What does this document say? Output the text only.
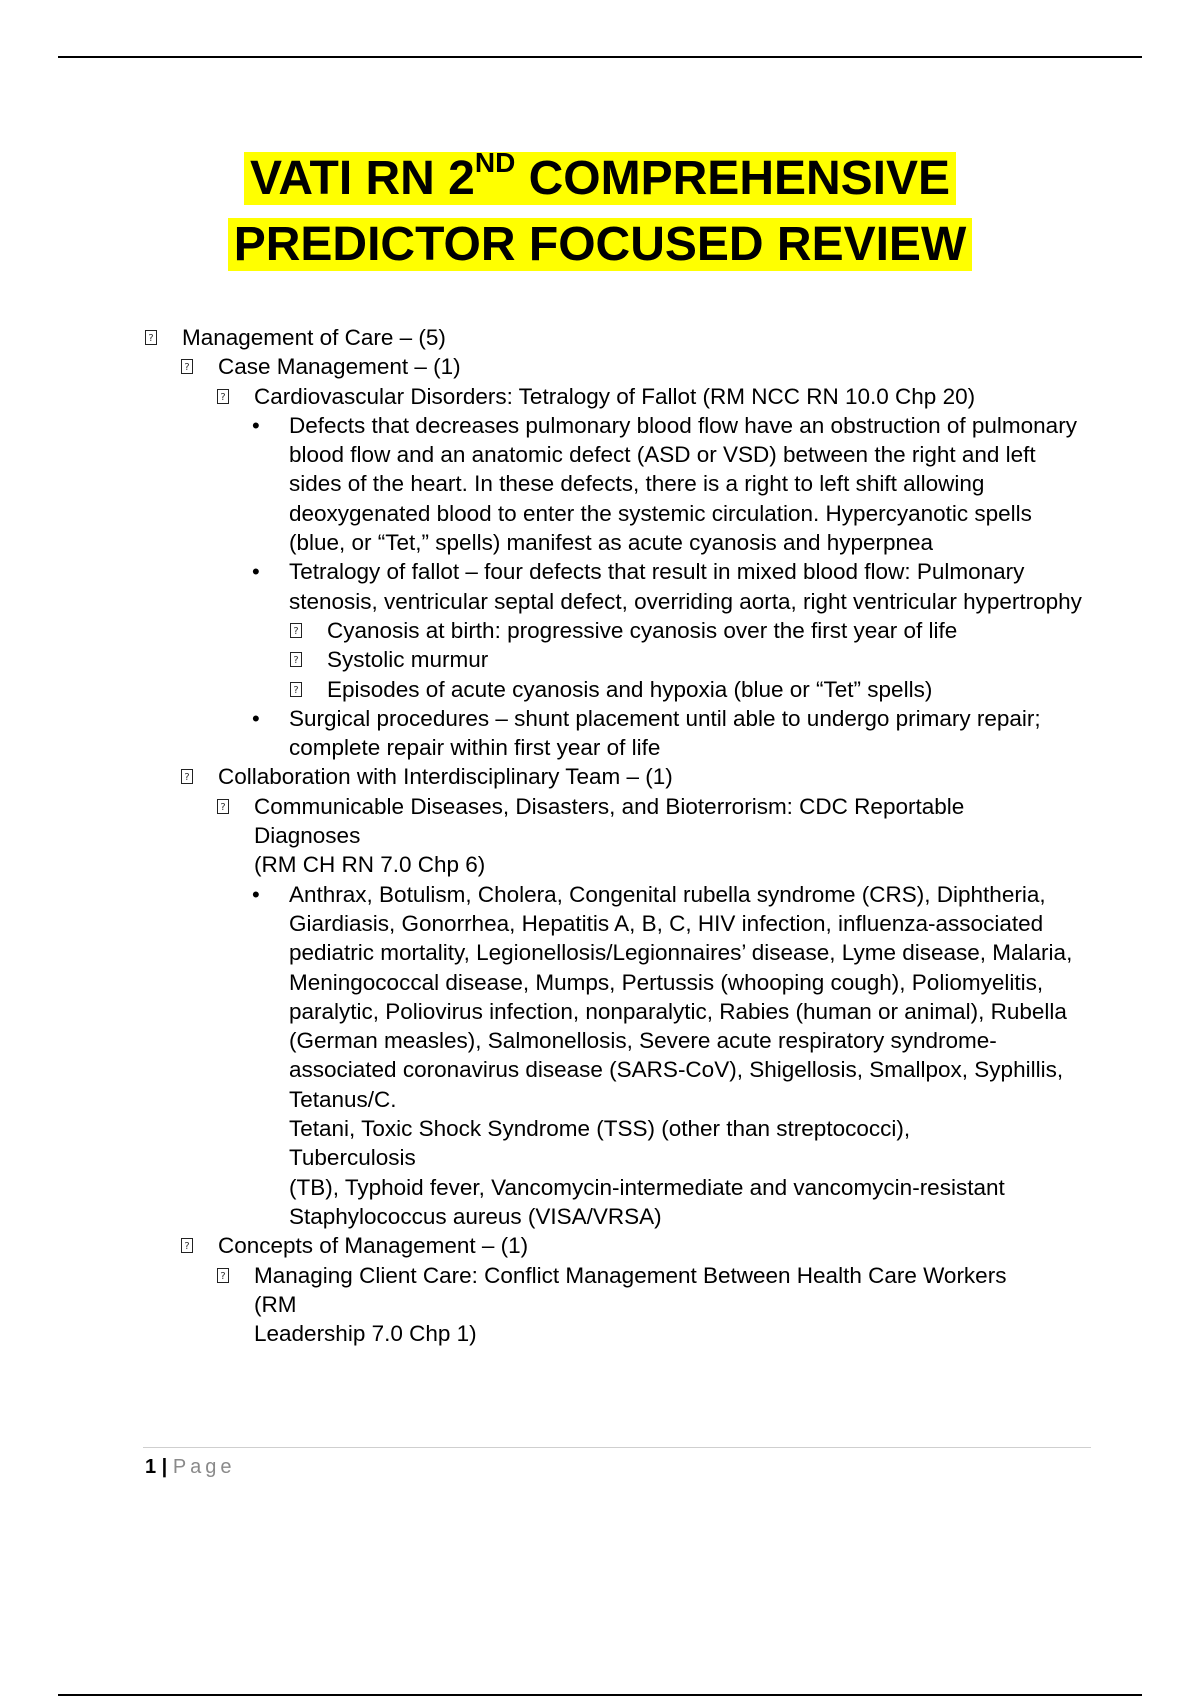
VATI RN 2ND COMPREHENSIVE
PREDICTOR FOCUSED REVIEW
? Management of Care – (5)
? Case Management – (1)
? Cardiovascular Disorders: Tetralogy of Fallot (RM NCC RN 10.0 Chp 20)
• Defects that decreases pulmonary blood flow have an obstruction of pulmonary blood flow and an anatomic defect (ASD or VSD) between the right and left sides of the heart. In these defects, there is a right to left shift allowing deoxygenated blood to enter the systemic circulation. Hypercyanotic spells (blue, or “Tet,” spells) manifest as acute cyanosis and hyperpnea
• Tetralogy of fallot – four defects that result in mixed blood flow: Pulmonary stenosis, ventricular septal defect, overriding aorta, right ventricular hypertrophy
? Cyanosis at birth: progressive cyanosis over the first year of life
? Systolic murmur
? Episodes of acute cyanosis and hypoxia (blue or “Tet” spells)
• Surgical procedures – shunt placement until able to undergo primary repair; complete repair within first year of life
? Collaboration with Interdisciplinary Team – (1)
? Communicable Diseases, Disasters, and Bioterrorism: CDC Reportable Diagnoses
(RM CH RN 7.0 Chp 6)
• Anthrax, Botulism, Cholera, Congenital rubella syndrome (CRS), Diphtheria, Giardiasis, Gonorrhea, Hepatitis A, B, C, HIV infection, influenza-associated pediatric mortality, Legionellosis/Legionnaires’ disease, Lyme disease, Malaria, Meningococcal disease, Mumps, Pertussis (whooping cough), Poliomyelitis, paralytic, Poliovirus infection, nonparalytic, Rabies (human or animal), Rubella (German measles), Salmonellosis, Severe acute respiratory syndrome-associated coronavirus disease (SARS-CoV), Shigellosis, Smallpox, Syphillis, Tetanus/C.
Tetani, Toxic Shock Syndrome (TSS) (other than streptococci),
Tuberculosis
(TB), Typhoid fever, Vancomycin-intermediate and vancomycin-resistant Staphylococcus aureus (VISA/VRSA)
? Concepts of Management – (1)
? Managing Client Care: Conflict Management Between Health Care Workers
(RM
Leadership 7.0 Chp 1)
1 | Page
